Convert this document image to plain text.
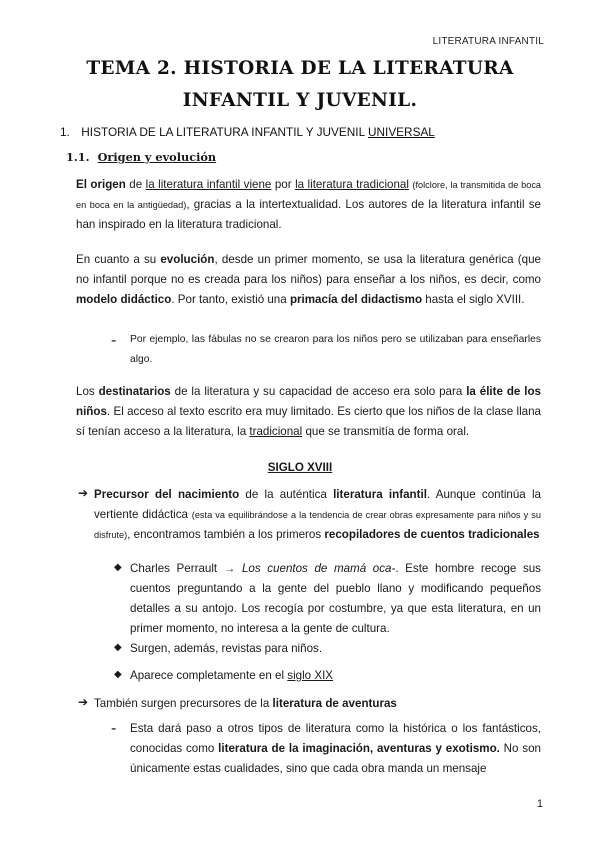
LITERATURA INFANTIL
TEMA 2. HISTORIA DE LA LITERATURA
INFANTIL Y JUVENIL.
1. HISTORIA DE LA LITERATURA INFANTIL Y JUVENIL UNIVERSAL
1.1. Origen y evolución
El origen de la literatura infantil viene por la literatura tradicional (folclore, la transmitida de boca en boca en la antigüedad), gracias a la intertextualidad. Los autores de la literatura infantil se han inspirado en la literatura tradicional.
En cuanto a su evolución, desde un primer momento, se usa la literatura genérica (que no infantil porque no es creada para los niños) para enseñar a los niños, es decir, como modelo didáctico. Por tanto, existió una primacía del didactismo hasta el siglo XVIII.
- Por ejemplo, las fábulas no se crearon para los niños pero se utilizaban para enseñarles algo.
Los destinatarios de la literatura y su capacidad de acceso era solo para la élite de los niños. El acceso al texto escrito era muy limitado. Es cierto que los niños de la clase llana sí tenían acceso a la literatura, la tradicional que se transmitía de forma oral.
SIGLO XVIII
➔ Precursor del nacimiento de la auténtica literatura infantil. Aunque continúa la vertiente didáctica (esta va equilibrándose a la tendencia de crear obras expresamente para niños y su disfrute), encontramos también a los primeros recopiladores de cuentos tradicionales
◆ Charles Perrault → Los cuentos de mamá oca-. Este hombre recoge sus cuentos preguntando a la gente del pueblo llano y modificando pequeños detalles a su antojo. Los recogía por costumbre, ya que esta literatura, en un primer momento, no interesa a la gente de cultura.
◆ Surgen, además, revistas para niños.
◆ Aparece completamente en el siglo XIX
➔ También surgen precursores de la literatura de aventuras
- Esta dará paso a otros tipos de literatura como la histórica o los fantásticos, conocidas como literatura de la imaginación, aventuras y exotismo. No son únicamente estas cualidades, sino que cada obra manda un mensaje
1
